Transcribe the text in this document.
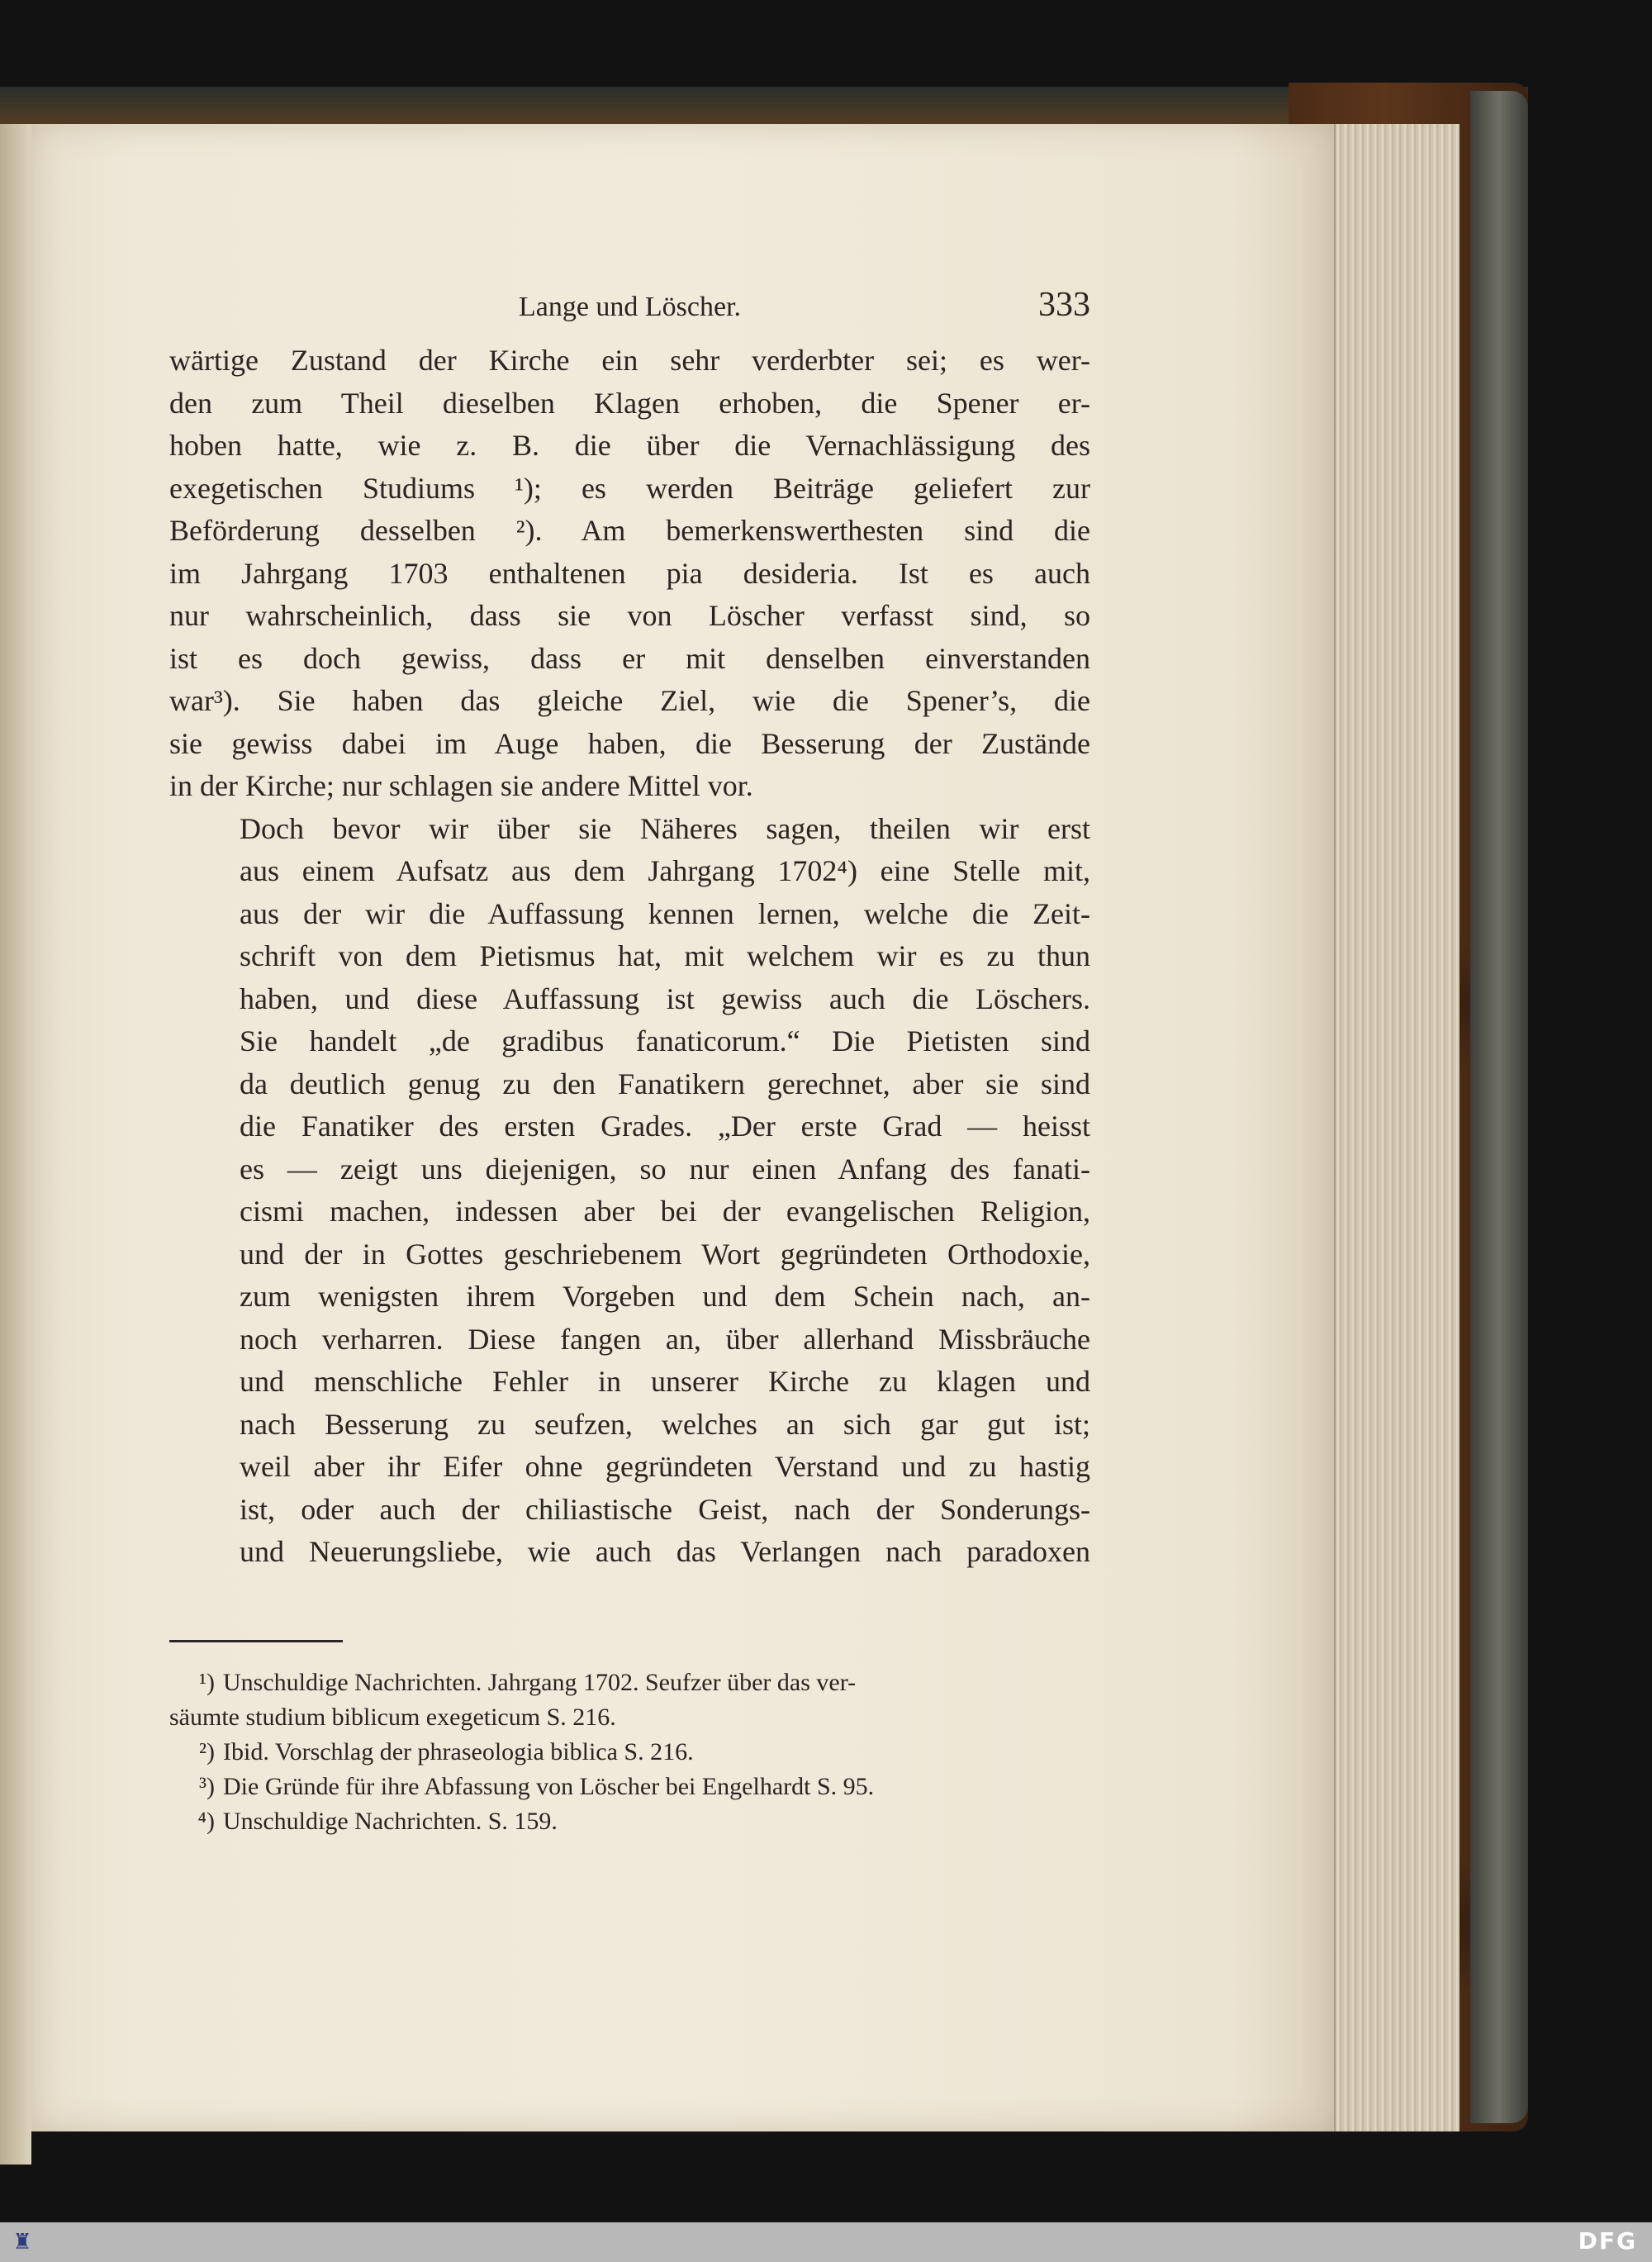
Lange und Löscher.	333

wärtige Zustand der Kirche ein sehr verderbter sei; es wer-
den zum Theil dieselben Klagen erhoben, die Spener er-
hoben hatte, wie z. B. die über die Vernachlässigung des
exegetischen Studiums ¹); es werden Beiträge geliefert zur
Beförderung desselben ²). Am bemerkenswerthesten sind die
im Jahrgang 1703 enthaltenen pia desideria. Ist es auch
nur wahrscheinlich, dass sie von Löscher verfasst sind, so
ist es doch gewiss, dass er mit denselben einverstanden
war³). Sie haben das gleiche Ziel, wie die Spener’s, die
sie gewiss dabei im Auge haben, die Besserung der Zustände
in der Kirche; nur schlagen sie andere Mittel vor.

Doch bevor wir über sie Näheres sagen, theilen wir erst
aus einem Aufsatz aus dem Jahrgang 1702⁴) eine Stelle mit,
aus der wir die Auffassung kennen lernen, welche die Zeit-
schrift von dem Pietismus hat, mit welchem wir es zu thun
haben, und diese Auffassung ist gewiss auch die Löschers.
Sie handelt „de gradibus fanaticorum.“ Die Pietisten sind
da deutlich genug zu den Fanatikern gerechnet, aber sie sind
die Fanatiker des ersten Grades. „Der erste Grad — heisst
es — zeigt uns diejenigen, so nur einen Anfang des fanati-
cismi machen, indessen aber bei der evangelischen Religion,
und der in Gottes geschriebenem Wort gegründeten Orthodoxie,
zum wenigsten ihrem Vorgeben und dem Schein nach, an-
noch verharren. Diese fangen an, über allerhand Missbräuche
und menschliche Fehler in unserer Kirche zu klagen und
nach Besserung zu seufzen, welches an sich gar gut ist;
weil aber ihr Eifer ohne gegründeten Verstand und zu hastig
ist, oder auch der chiliastische Geist, nach der Sonderungs-
und Neuerungsliebe, wie auch das Verlangen nach paradoxen

¹) Unschuldige Nachrichten. Jahrgang 1702. Seufzer über das ver-
säumte studium biblicum exegeticum S. 216.
²) Ibid. Vorschlag der phraseologia biblica S. 216.
³) Die Gründe für ihre Abfassung von Löscher bei Engelhardt S. 95.
⁴) Unschuldige Nachrichten. S. 159.
♜	DFG
